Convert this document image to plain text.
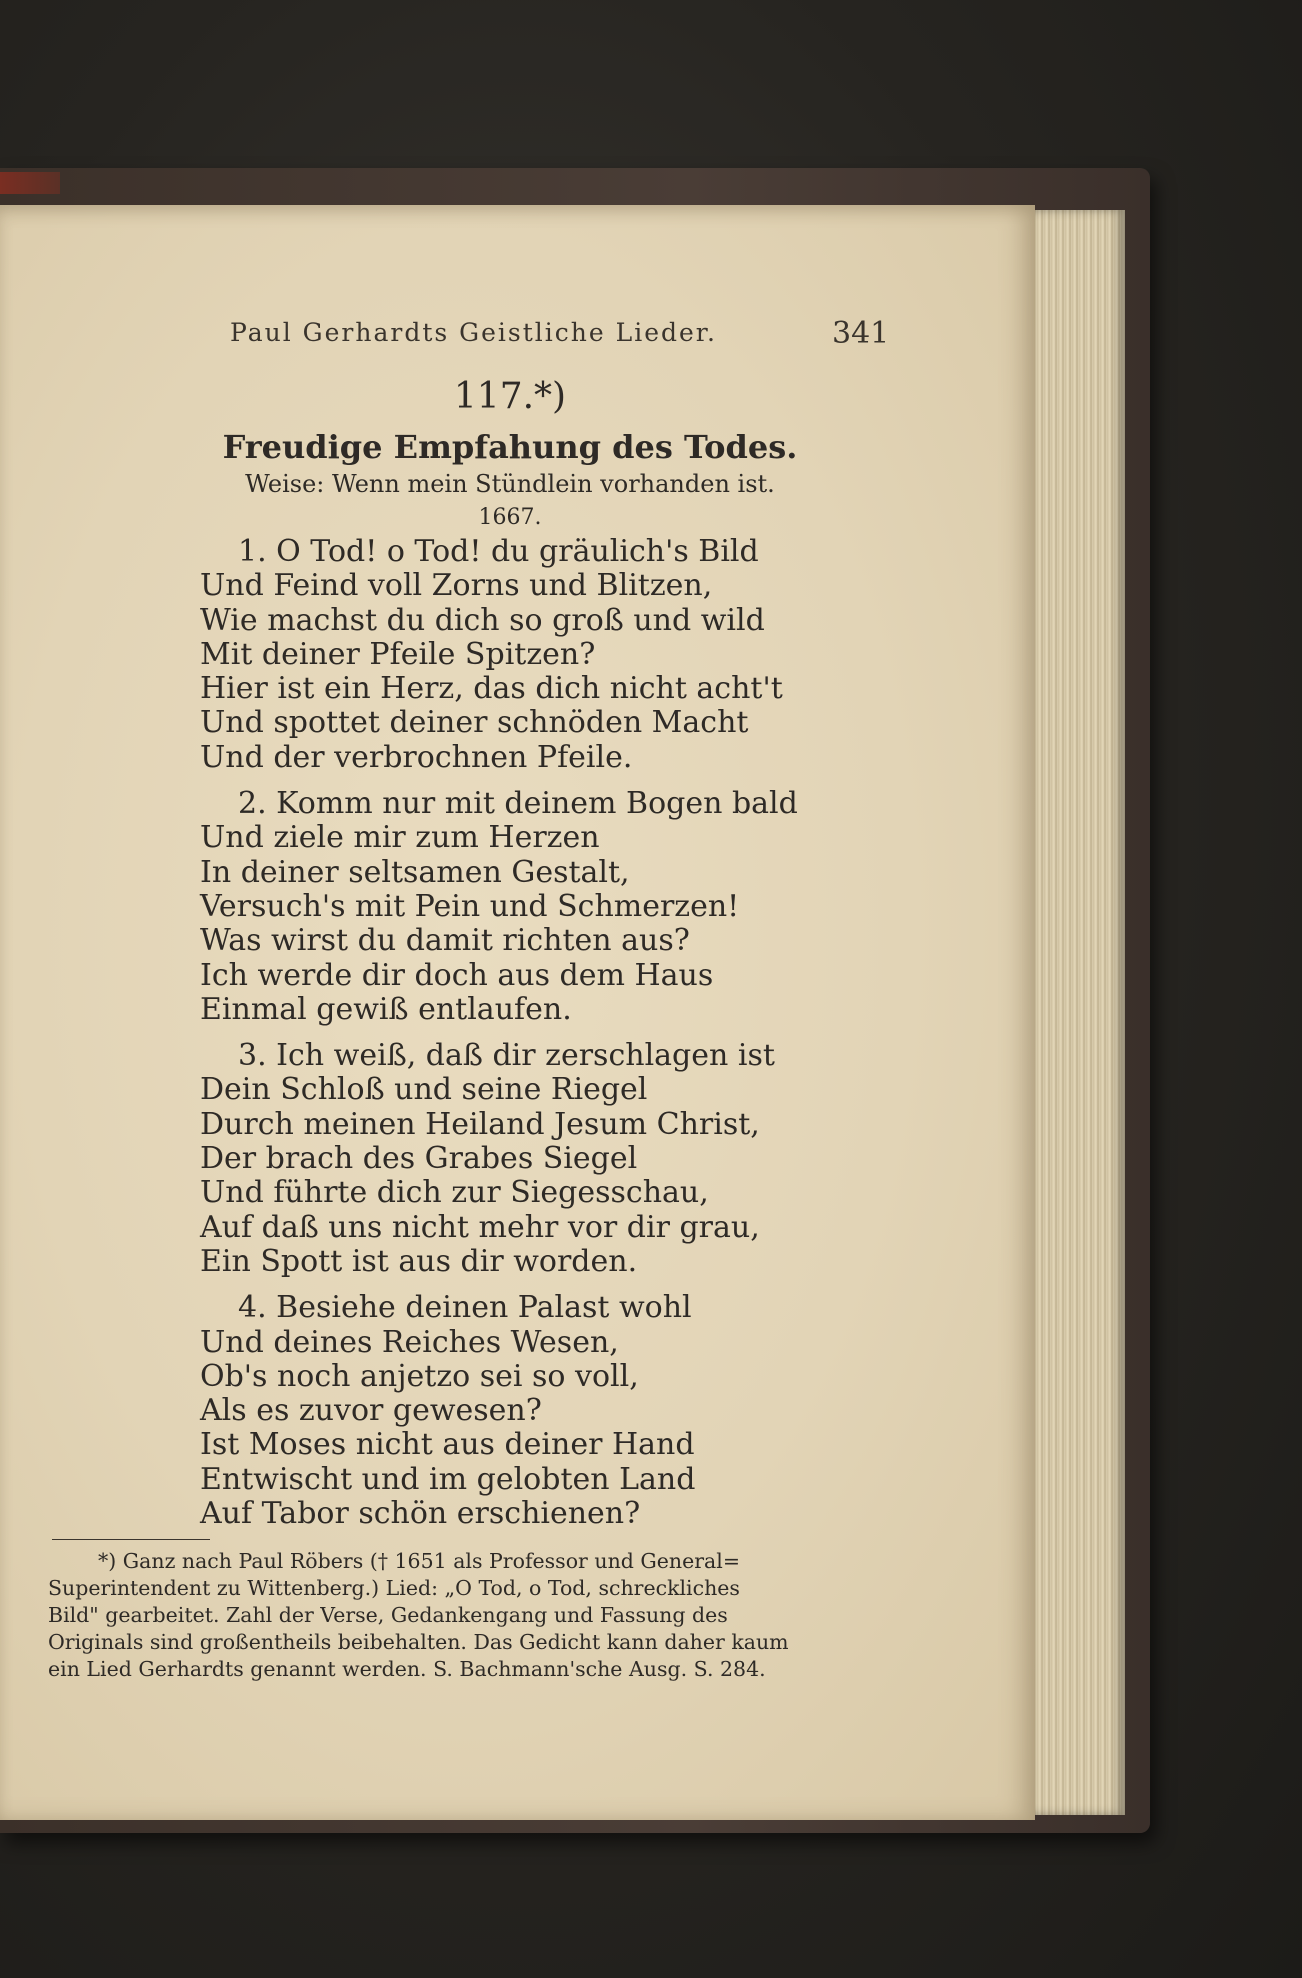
Paul Gerhardts Geistliche Lieder.	341
117.*)
Freudige Empfahung des Todes.
Weise: Wenn mein Stündlein vorhanden ist.
1667.
1. O Tod! o Tod! du gräulich's Bild
Und Feind voll Zorns und Blitzen,
Wie machst du dich so groß und wild
Mit deiner Pfeile Spitzen?
Hier ist ein Herz, das dich nicht acht't
Und spottet deiner schnöden Macht
Und der verbrochnen Pfeile.
2. Komm nur mit deinem Bogen bald
Und ziele mir zum Herzen
In deiner seltsamen Gestalt,
Versuch's mit Pein und Schmerzen!
Was wirst du damit richten aus?
Ich werde dir doch aus dem Haus
Einmal gewiß entlaufen.
3. Ich weiß, daß dir zerschlagen ist
Dein Schloß und seine Riegel
Durch meinen Heiland Jesum Christ,
Der brach des Grabes Siegel
Und führte dich zur Siegesschau,
Auf daß uns nicht mehr vor dir grau,
Ein Spott ist aus dir worden.
4. Besiehe deinen Palast wohl
Und deines Reiches Wesen,
Ob's noch anjetzo sei so voll,
Als es zuvor gewesen?
Ist Moses nicht aus deiner Hand
Entwischt und im gelobten Land
Auf Tabor schön erschienen?
*) Ganz nach Paul Röbers († 1651 als Professor und General=
Superintendent zu Wittenberg.) Lied: „O Tod, o Tod, schreckliches
Bild" gearbeitet. Zahl der Verse, Gedankengang und Fassung des
Originals sind großentheils beibehalten. Das Gedicht kann daher kaum
ein Lied Gerhardts genannt werden. S. Bachmann'sche Ausg. S. 284.
